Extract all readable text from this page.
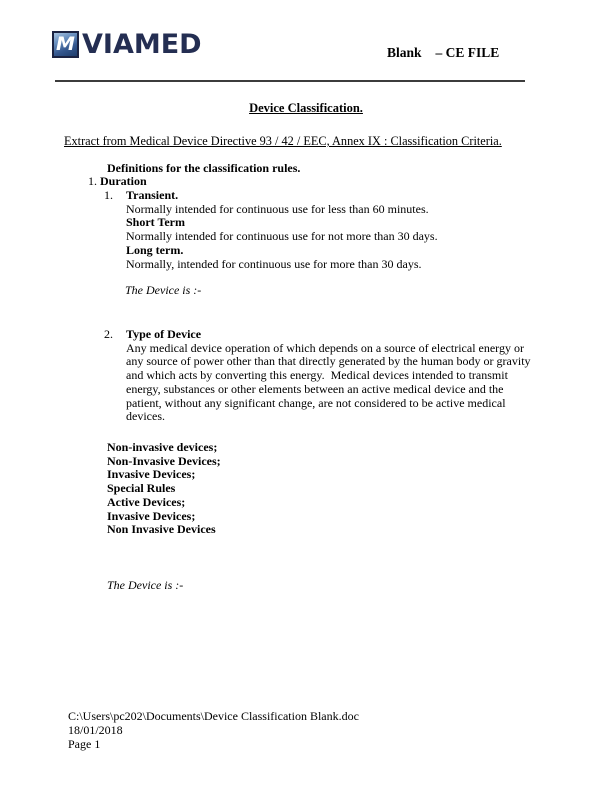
M VIAMED	Blank – CE FILE
Device Classification.
Extract from Medical Device Directive 93 / 42 / EEC, Annex IX : Classification Criteria.
Definitions for the classification rules.
1. Duration
1.	Transient.
Normally intended for continuous use for less than 60 minutes.
Short Term
Normally intended for continuous use for not more than 30 days.
Long term.
Normally, intended for continuous use for more than 30 days.
The Device is :-
2.	Type of Device
Any medical device operation of which depends on a source of electrical energy or any source of power other than that directly generated by the human body or gravity and which acts by converting this energy.  Medical devices intended to transmit energy, substances or other elements between an active medical device and the patient, without any significant change, are not considered to be active medical devices.
Non-invasive devices;
Non-Invasive Devices;
Invasive Devices;
Special Rules
Active Devices;
Invasive Devices;
Non Invasive Devices
The Device is :-
C:\Users\pc202\Documents\Device Classification Blank.doc
18/01/2018
Page 1
